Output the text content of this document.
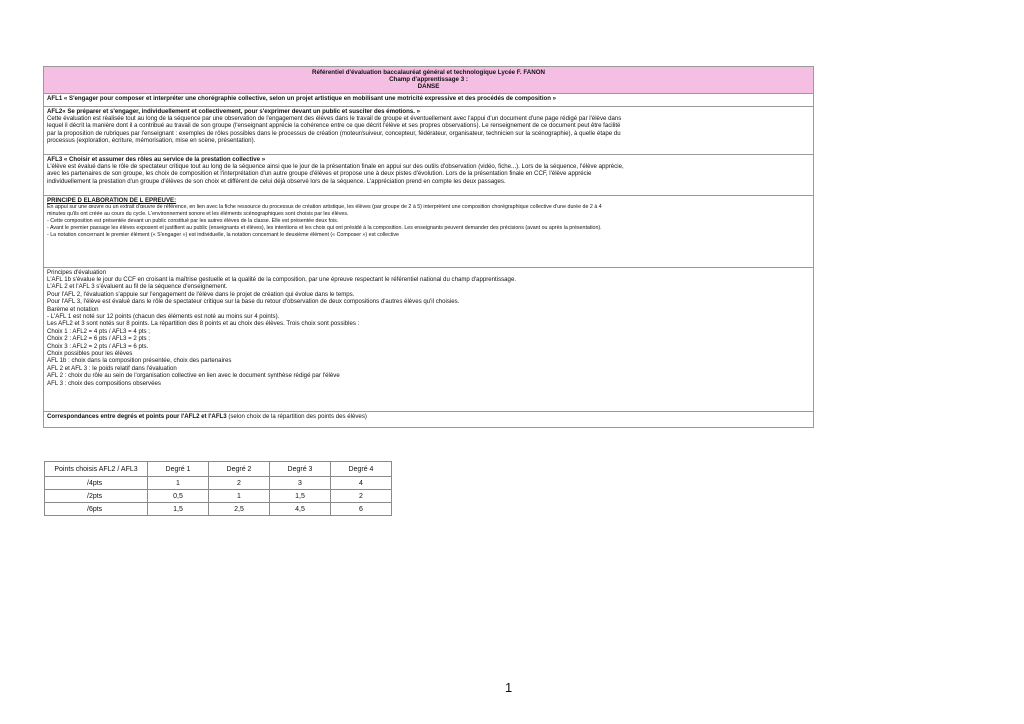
Référentiel d'évaluation baccalauréat général et technologique Lycée F. FANON
Champ d'apprentissage 3 :
DANSE
AFL1 « S'engager pour composer et interpréter une chorégraphie collective, selon un projet artistique en mobilisant une motricité expressive et des procédés de composition »
AFL2« Se préparer et s'engager, individuellement et collectivement, pour s'exprimer devant un public et susciter des émotions. »
Cette évaluation est réalisée tout au long de la séquence par une observation de l'engagement des élèves dans le travail de groupe et éventuellement avec l'appui d'un document d'une page rédigé par l'élève dans
lequel il décrit la manière dont il a contribué au travail de son groupe (l'enseignant apprécie la cohérence entre ce que décrit l'élève et ses propres observations). Le renseignement de ce document peut être facilité
par la proposition de rubriques par l'enseignant : exemples de rôles possibles dans le processus de création (moteur/suiveur, concepteur, fédérateur, organisateur, technicien sur la scénographie), à quelle étape du
processus (exploration, écriture, mémorisation, mise en scène, présentation).
AFL3 « Choisir et assumer des rôles au service de la prestation collective »
L'élève est évalué dans le rôle de spectateur critique tout au long de la séquence ainsi que le jour de la présentation finale en appui sur des outils d'observation (vidéo, fiche...). Lors de la séquence, l'élève apprécie,
avec les partenaires de son groupe, les choix de composition et l'interprétation d'un autre groupe d'élèves et propose une à deux pistes d'évolution. Lors de la présentation finale en CCF, l'élève apprécie
individuellement la prestation d'un groupe d'élèves de son choix et différent de celui déjà observé lors de la séquence. L'appréciation prend en compte les deux passages.
PRINCIPE D ELABORATION DE L EPREUVE:
En appui sur une œuvre ou un extrait d'œuvre de référence, en lien avec la fiche ressource du processus de création artistique, les élèves (par groupe de 2 à 5) interprètent une composition chorégraphique collective d'une durée de 2 à 4
minutes qu'ils ont créée au cours du cycle. L'environnement sonore et les éléments scénographiques sont choisis par les élèves.
- Cette composition est présentée devant un public constitué par les autres élèves de la classe. Elle est présentée deux fois.
- Avant le premier passage les élèves exposent et justifient au public (enseignants et élèves), les intentions et les choix qui ont présidé à la composition. Les enseignants peuvent demander des précisions (avant ou après la présentation).
- La notation concernant le premier élément (« S'engager ») est individuelle, la notation concernant le deuxième élément (« Composer ») est collective
Principes d'évaluation
L'AFL 1b s'évalue le jour du CCF en croisant la maîtrise gestuelle et la qualité de la composition, par une épreuve respectant le référentiel national du champ d'apprentissage.
L'AFL 2 et l'AFL 3 s'évaluent au fil de la séquence d'enseignement.
Pour l'AFL 2, l'évaluation s'appuie sur l'engagement de l'élève dans le projet de création qui évolue dans le temps.
Pour l'AFL 3, l'élève est évalué dans le rôle de spectateur critique sur la base du retour d'observation de deux compositions d'autres élèves qu'il choisies.
Barème et notation
- L'AFL 1 est noté sur 12 points (chacun des éléments est noté au moins sur 4 points).
Les AFL2 et 3 sont notés sur 8 points. La répartition des 8 points et au choix des élèves. Trois choix sont possibles :
Choix 1 : AFL2 = 4 pts / AFL3 = 4 pts ;
Choix 2 : AFL2 = 6 pts / AFL3 = 2 pts ;
Choix 3 : AFL2 = 2 pts / AFL3 = 6 pts.
Choix possibles pour les élèves
AFL 1b : choix dans la composition présentée, choix des partenaires
AFL 2 et AFL 3 : le poids relatif dans l'évaluation
AFL 2 : choix du rôle au sein de l'organisation collective en lien avec le document synthèse rédigé par l'élève
AFL 3 : choix des compositions observées
Correspondances entre degrés et points pour l'AFL2 et l'AFL3 (selon choix de la répartition des points des élèves)
Points choisis AFL2 / AFL3	Degré 1	Degré 2	Degré 3	Degré 4
/4pts	1	2	3	4
/2pts	0,5	1	1,5	2
/6pts	1,5	2,5	4,5	6
1
